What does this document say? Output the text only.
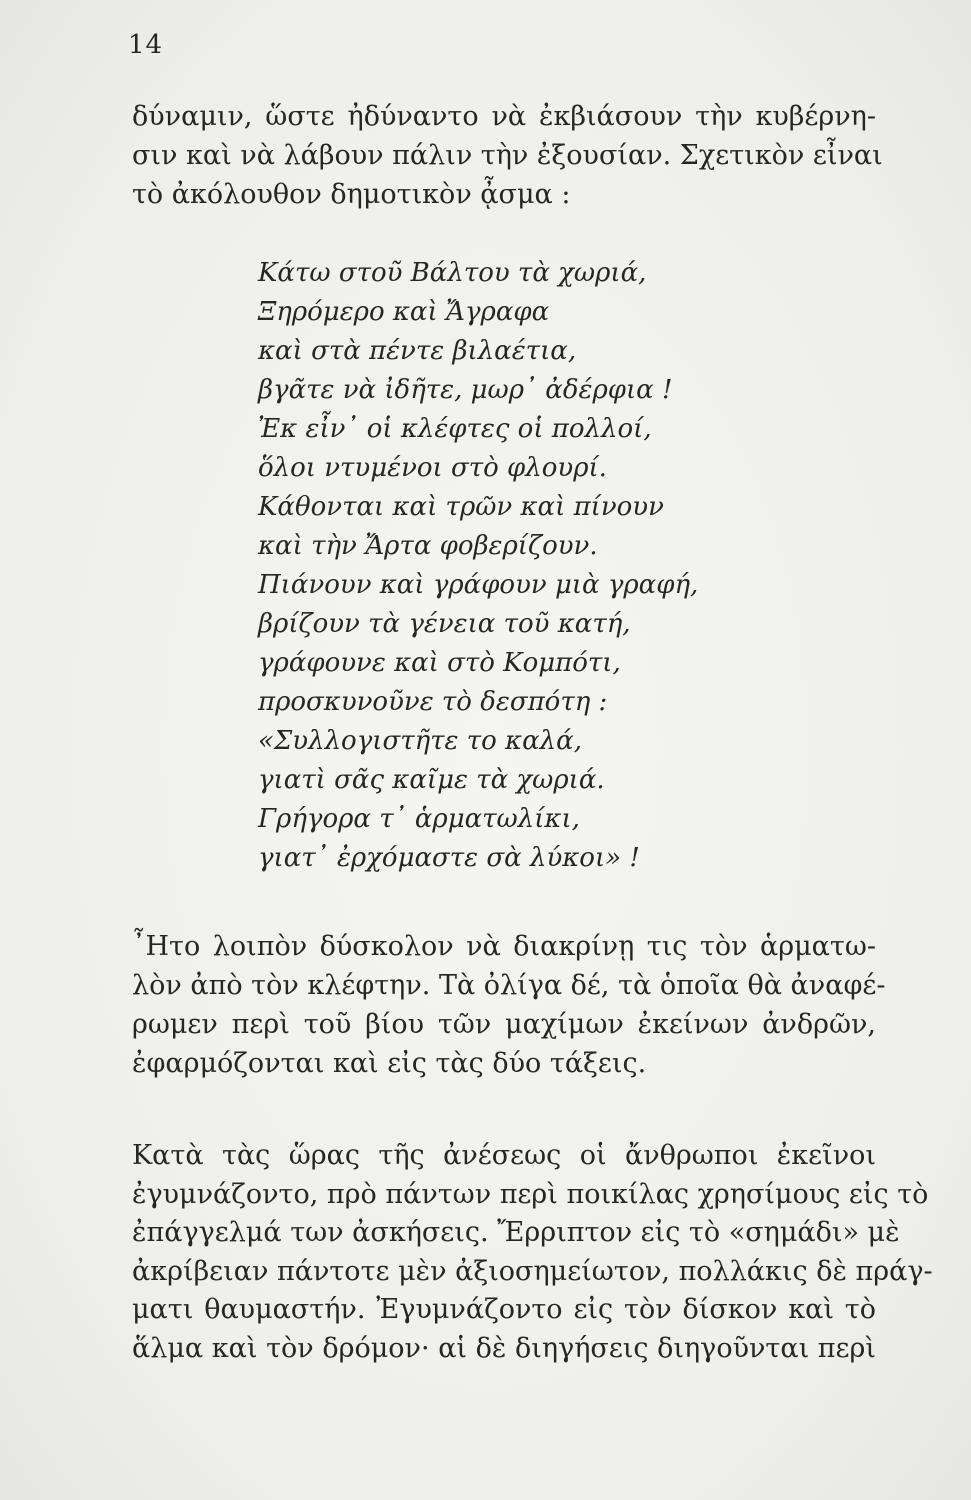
14

δύναμιν, ὥστε ἠδύναντο νὰ ἐκβιάσουν τὴν κυβέρνη-
σιν καὶ νὰ λάβουν πάλιν τὴν ἐξουσίαν. Σχετικὸν εἶναι
τὸ ἀκόλουθον δημοτικὸν ᾆσμα :

Κάτω στοῦ Βάλτου τὰ χωριά,
Ξηρόμερο καὶ Ἄγραφα
καὶ στὰ πέντε βιλαέτια,
βγᾶτε νὰ ἰδῆτε, μωρ᾽ ἀδέρφια !
Ἐκ εἶν᾽ οἱ κλέφτες οἱ πολλοί,
ὅλοι ντυμένοι στὸ φλουρί.
Κάθονται καὶ τρῶν καὶ πίνουν
καὶ τὴν Ἄρτα φοβερίζουν.
Πιάνουν καὶ γράφουν μιὰ γραφή,
βρίζουν τὰ γένεια τοῦ κατή,
γράφουνε καὶ στὸ Κομπότι,
προσκυνοῦνε τὸ δεσπότη :
«Συλλογιστῆτε το καλά,
γιατὶ σᾶς καῖμε τὰ χωριά.
Γρήγορα τ᾽ ἁρματωλίκι,
γιατ᾽ ἐρχόμαστε σὰ λύκοι» !

῏Ητο λοιπὸν δύσκολον νὰ διακρίνῃ τις τὸν ἁρματω-
λὸν ἀπὸ τὸν κλέφτην. Τὰ ὀλίγα δέ, τὰ ὁποῖα θὰ ἀναφέ-
ρωμεν περὶ τοῦ βίου τῶν μαχίμων ἐκείνων ἀνδρῶν,
ἐφαρμόζονται καὶ εἰς τὰς δύο τάξεις.

Κατὰ τὰς ὥρας τῆς ἀνέσεως οἱ ἄνθρωποι ἐκεῖνοι
ἐγυμνάζοντο, πρὸ πάντων περὶ ποικίλας χρησίμους εἰς τὸ
ἐπάγγελμά των ἀσκήσεις. Ἔρριπτον εἰς τὸ «σημάδι» μὲ
ἀκρίβειαν πάντοτε μὲν ἀξιοσημείωτον, πολλάκις δὲ πράγ-
ματι θαυμαστήν. Ἐγυμνάζοντο εἰς τὸν δίσκον καὶ τὸ
ἅλμα καὶ τὸν δρόμον· αἱ δὲ διηγήσεις διηγοῦνται περὶ
